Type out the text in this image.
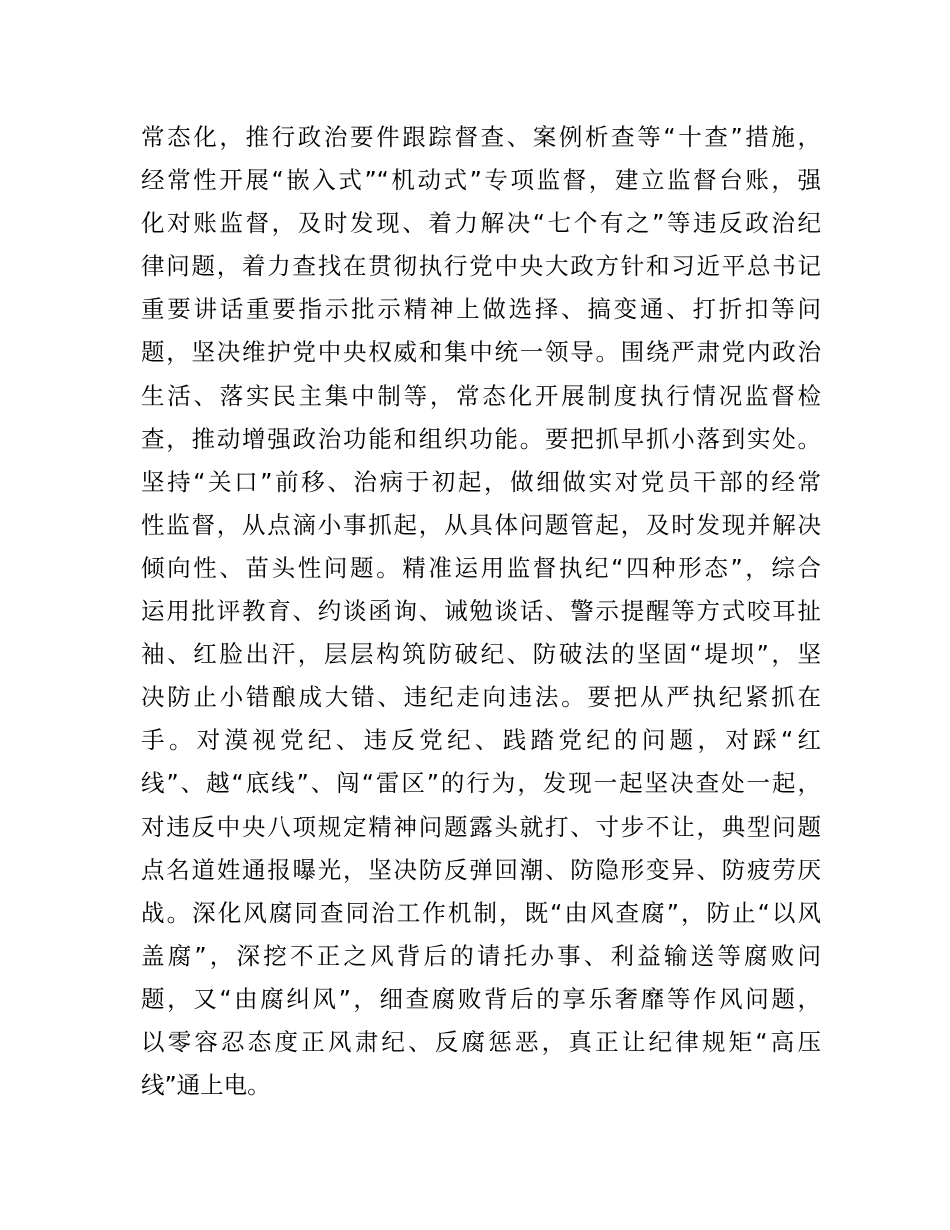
常态化，推行政治要件跟踪督查、案例析查等“十查”措施，
经常性开展“嵌入式”“机动式”专项监督，建立监督台账，强
化对账监督，及时发现、着力解决“七个有之”等违反政治纪
律问题，着力查找在贯彻执行党中央大政方针和习近平总书记
重要讲话重要指示批示精神上做选择、搞变通、打折扣等问
题，坚决维护党中央权威和集中统一领导。围绕严肃党内政治
生活、落实民主集中制等，常态化开展制度执行情况监督检
查，推动增强政治功能和组织功能。要把抓早抓小落到实处。
坚持“关口”前移、治病于初起，做细做实对党员干部的经常
性监督，从点滴小事抓起，从具体问题管起，及时发现并解决
倾向性、苗头性问题。精准运用监督执纪“四种形态”，综合
运用批评教育、约谈函询、诫勉谈话、警示提醒等方式咬耳扯
袖、红脸出汗，层层构筑防破纪、防破法的坚固“堤坝”，坚
决防止小错酿成大错、违纪走向违法。要把从严执纪紧抓在
手。对漠视党纪、违反党纪、践踏党纪的问题，对踩“红
线”、越“底线”、闯“雷区”的行为，发现一起坚决查处一起，
对违反中央八项规定精神问题露头就打、寸步不让，典型问题
点名道姓通报曝光，坚决防反弹回潮、防隐形变异、防疲劳厌
战。深化风腐同查同治工作机制，既“由风查腐”，防止“以风
盖腐”，深挖不正之风背后的请托办事、利益输送等腐败问
题，又“由腐纠风”，细查腐败背后的享乐奢靡等作风问题，
以零容忍态度正风肃纪、反腐惩恶，真正让纪律规矩“高压
线”通上电。
